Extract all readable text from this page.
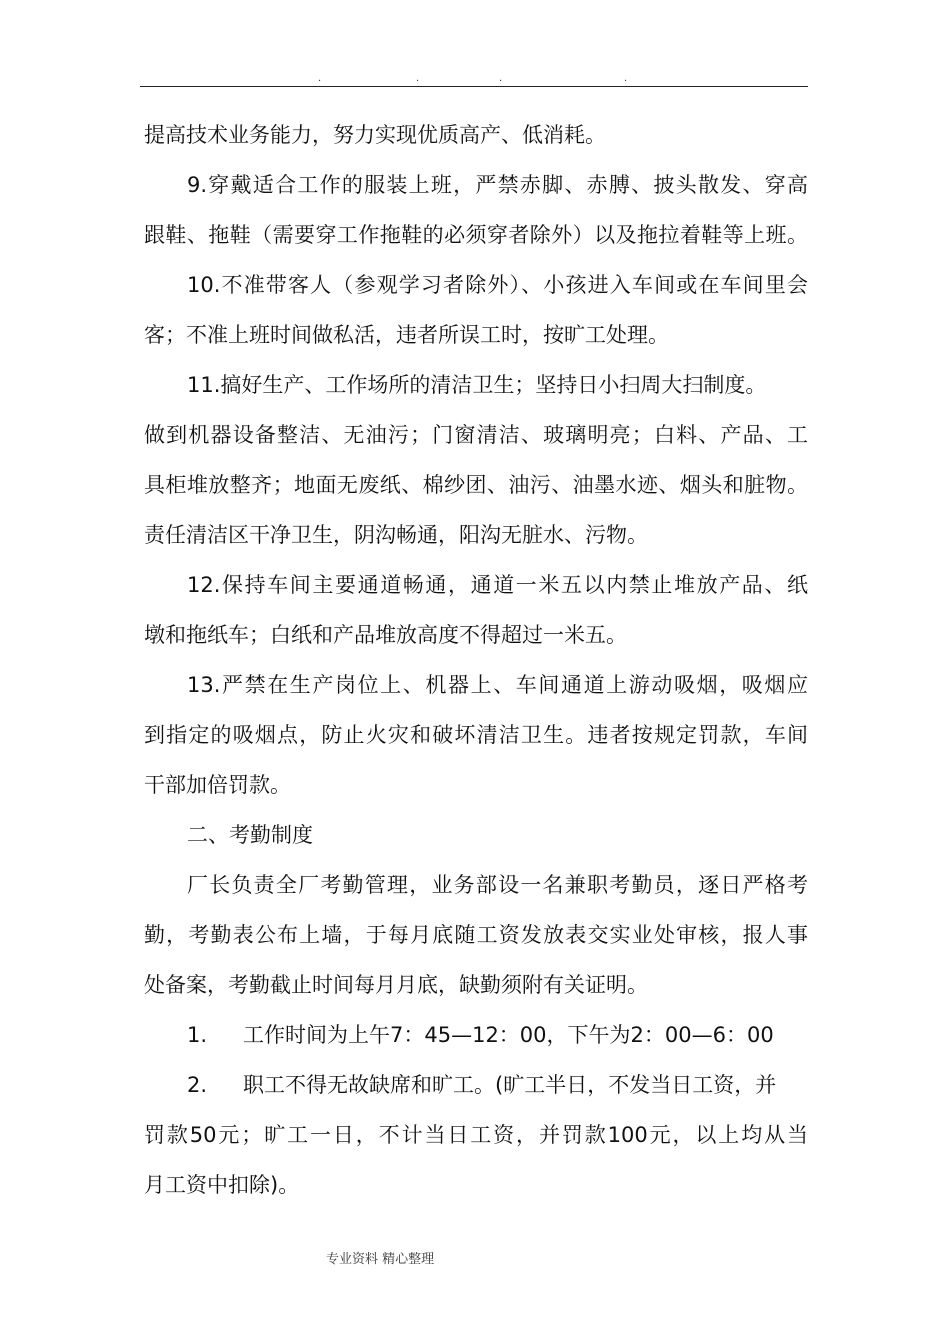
.	.	.	.
提高技术业务能力，努力实现优质高产、低消耗。
9.穿戴适合工作的服装上班，严禁赤脚、赤膊、披头散发、穿高
跟鞋、拖鞋（需要穿工作拖鞋的必须穿者除外）以及拖拉着鞋等上班。
10.不准带客人（参观学习者除外）、小孩进入车间或在车间里会
客；不准上班时间做私活，违者所误工时，按旷工处理。
11.搞好生产、工作场所的清洁卫生；坚持日小扫周大扫制度。
做到机器设备整洁、无油污；门窗清洁、玻璃明亮；白料、产品、工
具柜堆放整齐；地面无废纸、棉纱团、油污、油墨水迹、烟头和脏物。
责任清洁区干净卫生，阴沟畅通，阳沟无脏水、污物。
12.保持车间主要通道畅通，通道一米五以内禁止堆放产品、纸
墩和拖纸车；白纸和产品堆放高度不得超过一米五。
13.严禁在生产岗位上、机器上、车间通道上游动吸烟，吸烟应
到指定的吸烟点，防止火灾和破坏清洁卫生。违者按规定罚款，车间
干部加倍罚款。
二、考勤制度
厂长负责全厂考勤管理，业务部设一名兼职考勤员，逐日严格考
勤，考勤表公布上墙，于每月底随工资发放表交实业处审核，报人事
处备案，考勤截止时间每月月底，缺勤须附有关证明。
1. 工作时间为上午7：45—12：00，下午为2：00—6：00
2. 职工不得无故缺席和旷工。(旷工半日，不发当日工资，并
罚款50元；旷工一日，不计当日工资，并罚款100元，以上均从当
月工资中扣除)。
专业资料 精心整理
